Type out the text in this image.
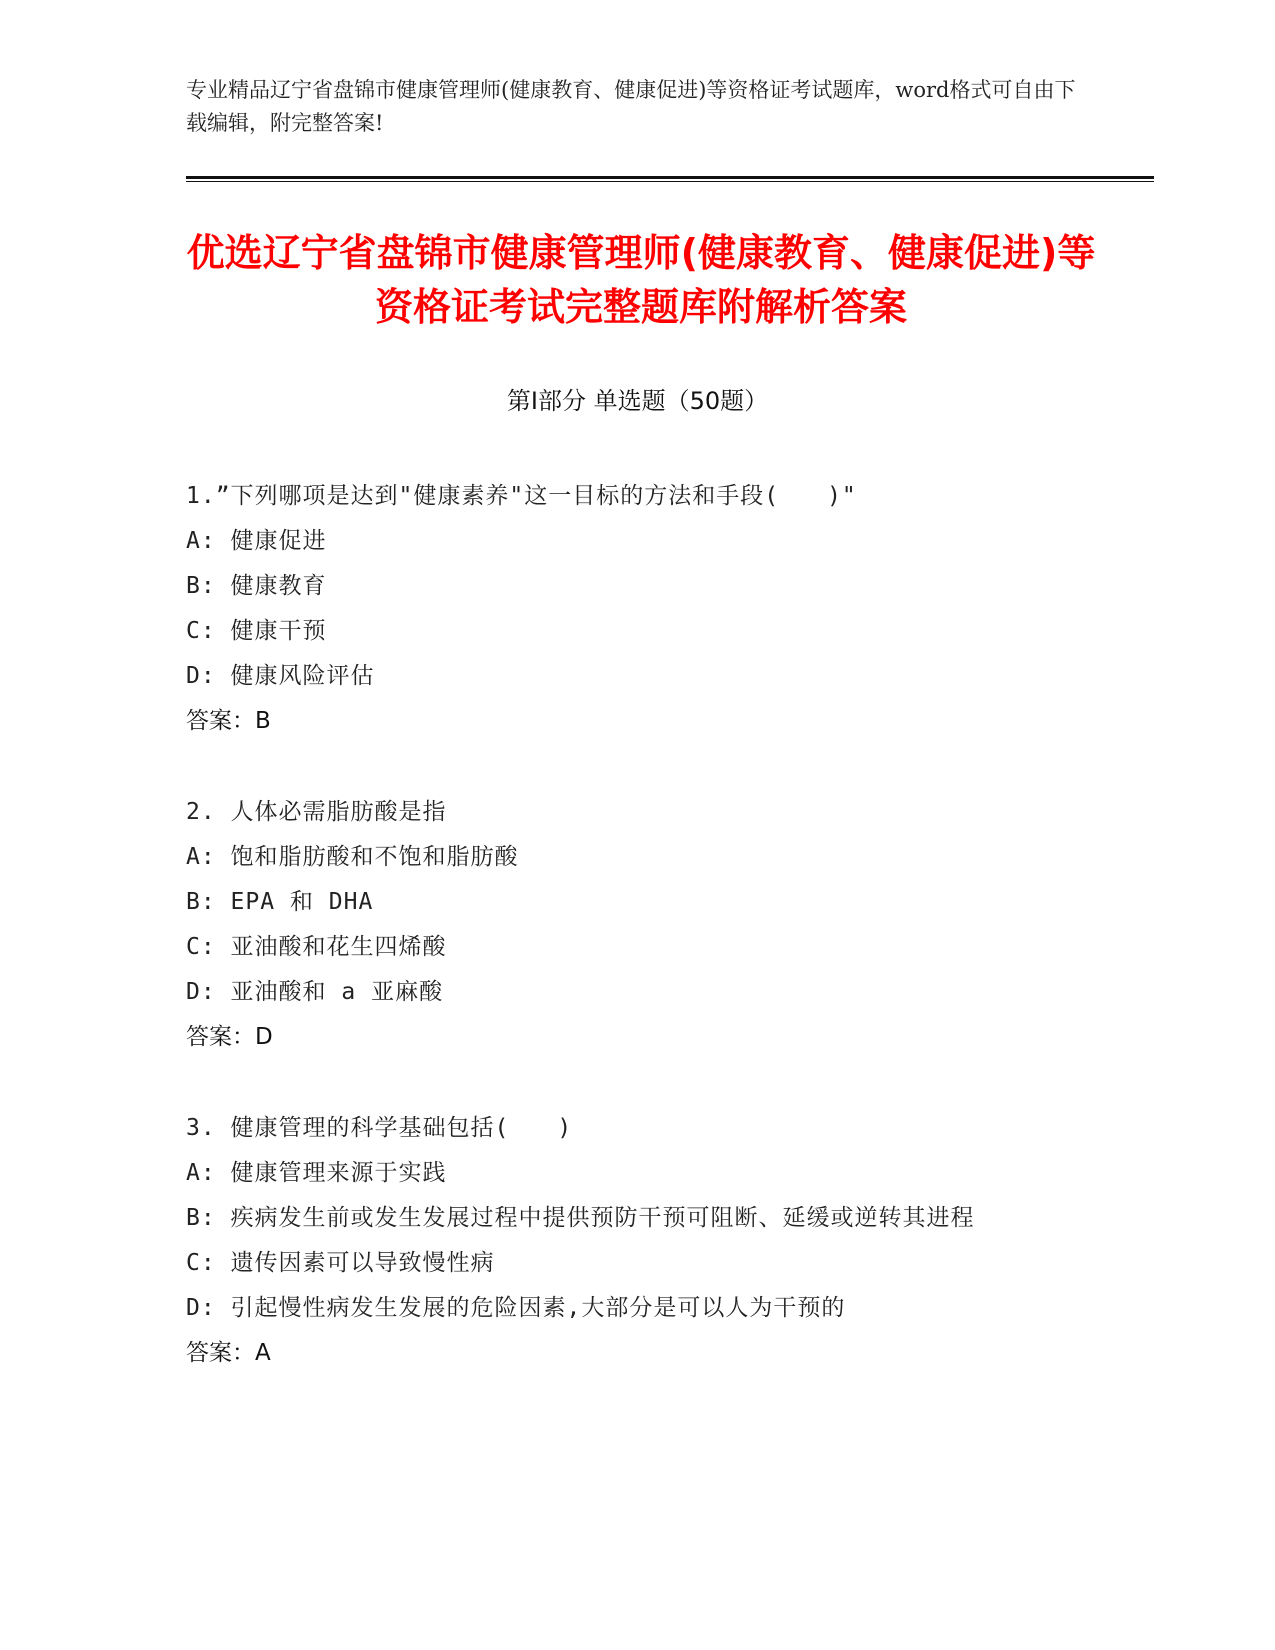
专业精品辽宁省盘锦市健康管理师(健康教育、健康促进)等资格证考试题库，word格式可自由下载编辑，附完整答案!
优选辽宁省盘锦市健康管理师(健康教育、健康促进)等资格证考试完整题库附解析答案
第Ⅰ部分 单选题（50题）
1.”下列哪项是达到"健康素养"这一目标的方法和手段(　　)"
A: 健康促进
B: 健康教育
C: 健康干预
D: 健康风险评估
答案：B
2. 人体必需脂肪酸是指
A: 饱和脂肪酸和不饱和脂肪酸
B: EPA 和 DHA
C: 亚油酸和花生四烯酸
D: 亚油酸和 a 亚麻酸
答案：D
3. 健康管理的科学基础包括(　　)
A: 健康管理来源于实践
B: 疾病发生前或发生发展过程中提供预防干预可阻断、延缓或逆转其进程
C: 遗传因素可以导致慢性病
D: 引起慢性病发生发展的危险因素,大部分是可以人为干预的
答案：A
